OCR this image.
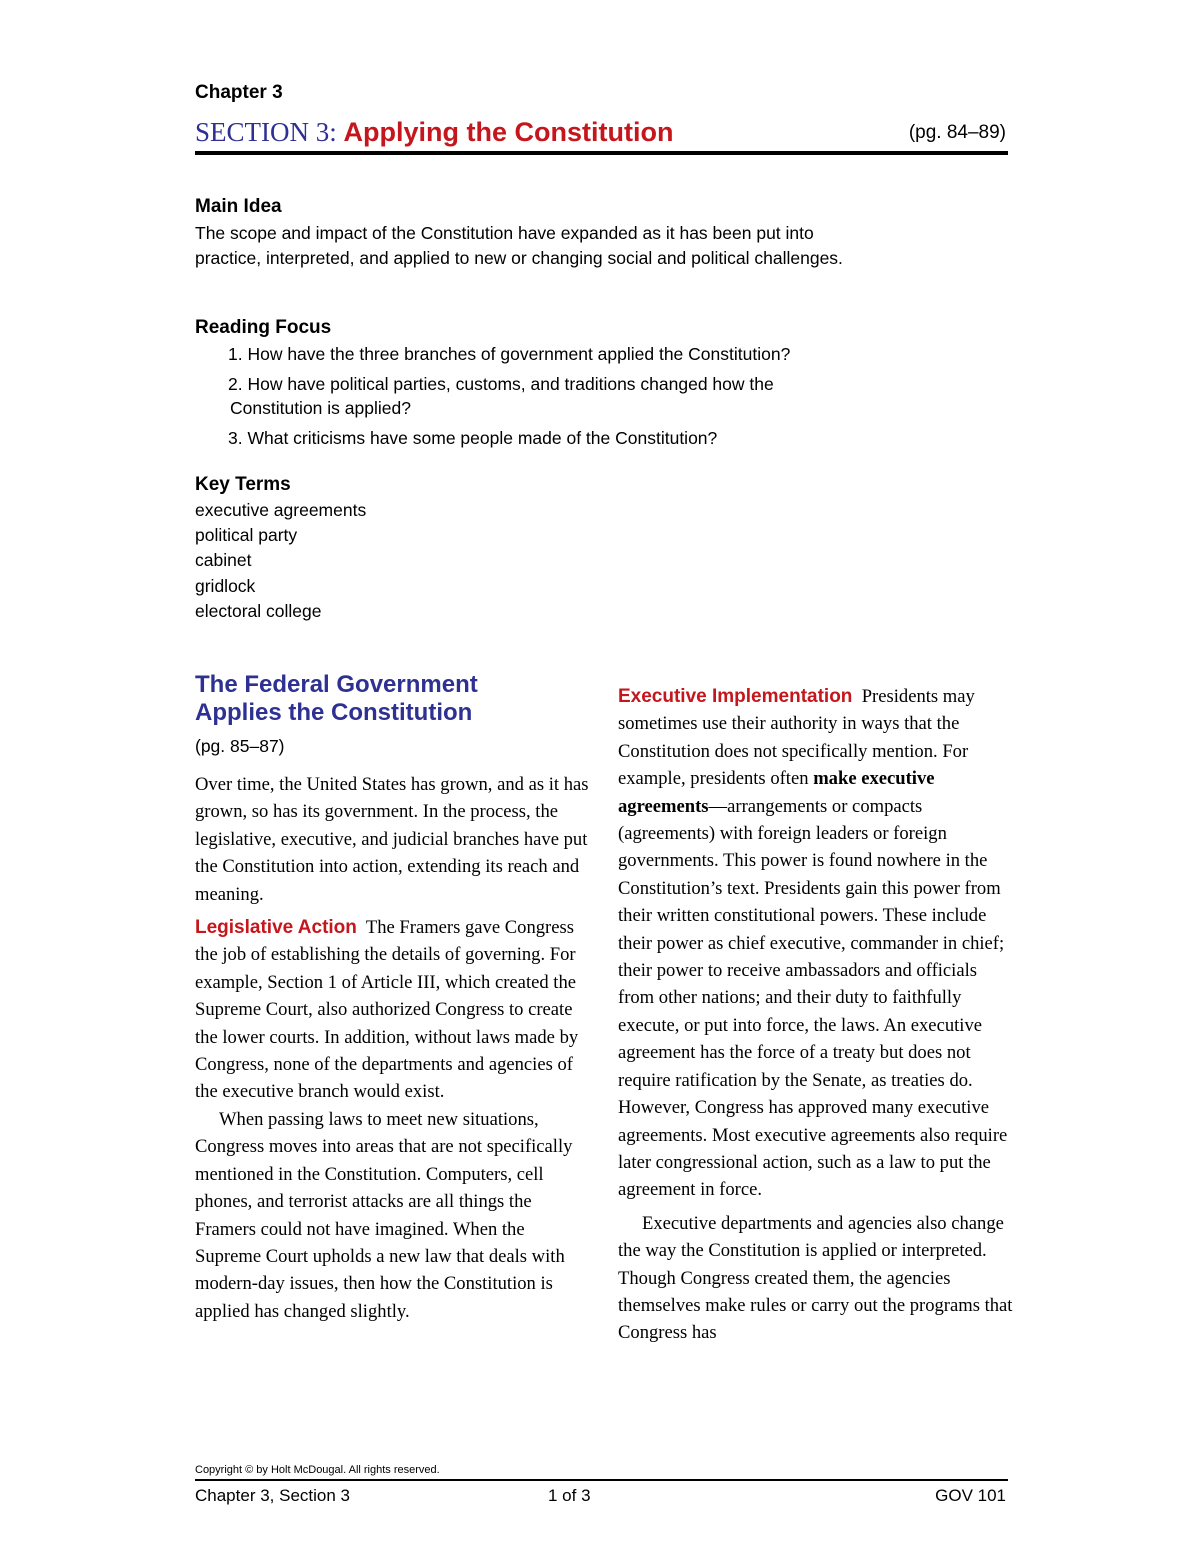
Chapter 3
SECTION 3: Applying the Constitution	(pg. 84–89)
Main Idea
The scope and impact of the Constitution have expanded as it has been put into practice, interpreted, and applied to new or changing social and political challenges.
Reading Focus
1. How have the three branches of government applied the Constitution?
2. How have political parties, customs, and traditions changed how the
Constitution is applied?
3. What criticisms have some people made of the Constitution?
Key Terms
executive agreements
political party
cabinet
gridlock
electoral college
The Federal Government
Applies the Constitution
(pg. 85–87)

Over time, the United States has grown, and as it has grown, so has its government. In the process, the legislative, executive, and judicial branches have put the Constitution into action, extending its reach and meaning.

Legislative Action The Framers gave Congress the job of establishing the details of governing. For example, Section 1 of Article III, which created the Supreme Court, also authorized Congress to create the lower courts. In addition, without laws made by Congress, none of the departments and agencies of the executive branch would exist.

When passing laws to meet new situations, Congress moves into areas that are not specifically mentioned in the Constitution. Computers, cell phones, and terrorist attacks are all things the Framers could not have imagined. When the Supreme Court upholds a new law that deals with modern-day issues, then how the Constitution is applied has changed slightly.

Executive Implementation Presidents may sometimes use their authority in ways that the Constitution does not specifically mention. For example, presidents often make executive agreements—arrangements or compacts (agreements) with foreign leaders or foreign governments. This power is found nowhere in the Constitution’s text. Presidents gain this power from their written constitutional powers. These include their power as chief executive, commander in chief; their power to receive ambassadors and officials from other nations; and their duty to faithfully execute, or put into force, the laws. An executive agreement has the force of a treaty but does not require ratification by the Senate, as treaties do. However, Congress has approved many executive agreements. Most executive agreements also require later congressional action, such as a law to put the agreement in force.

Executive departments and agencies also change the way the Constitution is applied or interpreted. Though Congress created them, the agencies themselves make rules or carry out the programs that Congress has

Copyright © by Holt McDougal. All rights reserved.
Chapter 3, Section 3	1 of 3	GOV 101
